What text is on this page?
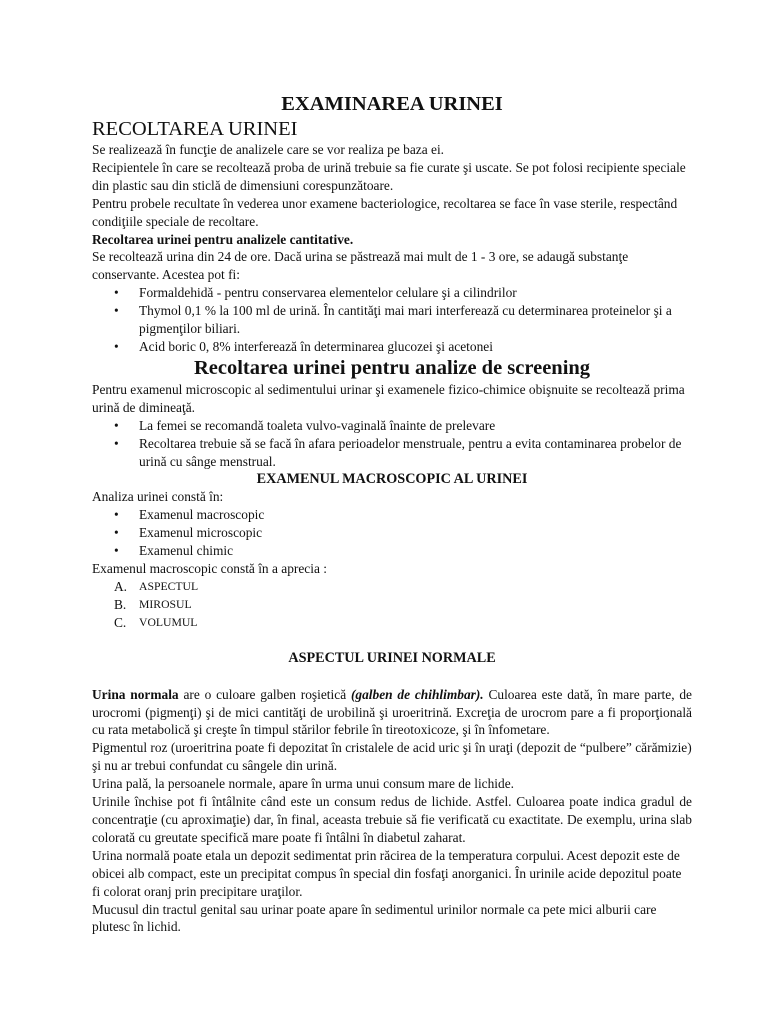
EXAMINAREA URINEI
RECOLTAREA URINEI

Se realizează în funcţie de analizele care se vor realiza pe baza ei.

Recipientele în care se recoltează proba de urină trebuie sa fie curate şi uscate. Se pot folosi recipiente speciale din plastic sau din sticlă de dimensiuni corespunzătoare.

Pentru probele recultate în vederea unor examene bacteriologice, recoltarea se face în vase sterile, respectând condiţiile speciale de recoltare.

Recoltarea urinei pentru analizele cantitative.

Se recoltează urina din 24 de ore. Dacă urina se păstrează mai mult de 1 - 3 ore, se adaugă substanţe conservante. Acestea pot fi:

• Formaldehidă - pentru conservarea elementelor celulare şi a cilindrilor
• Thymol 0,1 % la 100 ml de urină. În cantităţi mai mari interferează cu determinarea proteinelor şi a pigmenţilor biliari.
• Acid boric 0, 8% interferează în determinarea glucozei şi acetonei
Recoltarea urinei pentru analize de screening

Pentru examenul microscopic al sedimentului urinar şi examenele fizico-chimice obişnuite se recoltează prima urină de dimineaţă.

• La femei se recomandă toaleta vulvo-vaginală înainte de prelevare
• Recoltarea trebuie să se facă în afara perioadelor menstruale, pentru a evita contaminarea probelor de urină cu sânge menstrual.
EXAMENUL MACROSCOPIC AL URINEI

Analiza urinei constă în:

• Examenul macroscopic
• Examenul microscopic
• Examenul chimic

Examenul macroscopic constă în a aprecia :

A. ASPECTUL
B. MIROSUL
C. VOLUMUL
ASPECTUL URINEI NORMALE

Urina normala are o culoare galben roşietică (galben de chihlimbar). Culoarea este dată, în mare parte, de urocromi (pigmenţi) şi de mici cantităţi de urobilină şi uroeritrină. Excreţia de urocrom pare a fi proporţională cu rata metabolică şi creşte în timpul stărilor febrile în tireotoxicoze, şi în înfometare.

Pigmentul roz (uroeritrina poate fi depozitat în cristalele de acid uric şi în uraţi (depozit de “pulbere” cărămizie) şi nu ar trebui confundat cu sângele din urină.

Urina palǎ, la persoanele normale, apare în urma unui consum mare de lichide.

Urinile închise pot fi întâlnite când este un consum redus de lichide. Astfel. Culoarea poate indica gradul de concentraţie (cu aproximaţie) dar, în final, aceasta trebuie să fie verificată cu exactitate. De exemplu, urina slab colorată cu greutate specifică mare poate fi întâlni în diabetul zaharat.

Urina normală poate etala un depozit sedimentat prin răcirea de la temperatura corpului. Acest depozit este de obicei alb compact, este un precipitat compus în special din fosfaţi anorganici. În urinile acide depozitul poate fi colorat oranj prin precipitare uraţilor.

Mucusul din tractul genital sau urinar poate apare în sedimentul urinilor normale ca pete mici alburii care plutesc în lichid.
